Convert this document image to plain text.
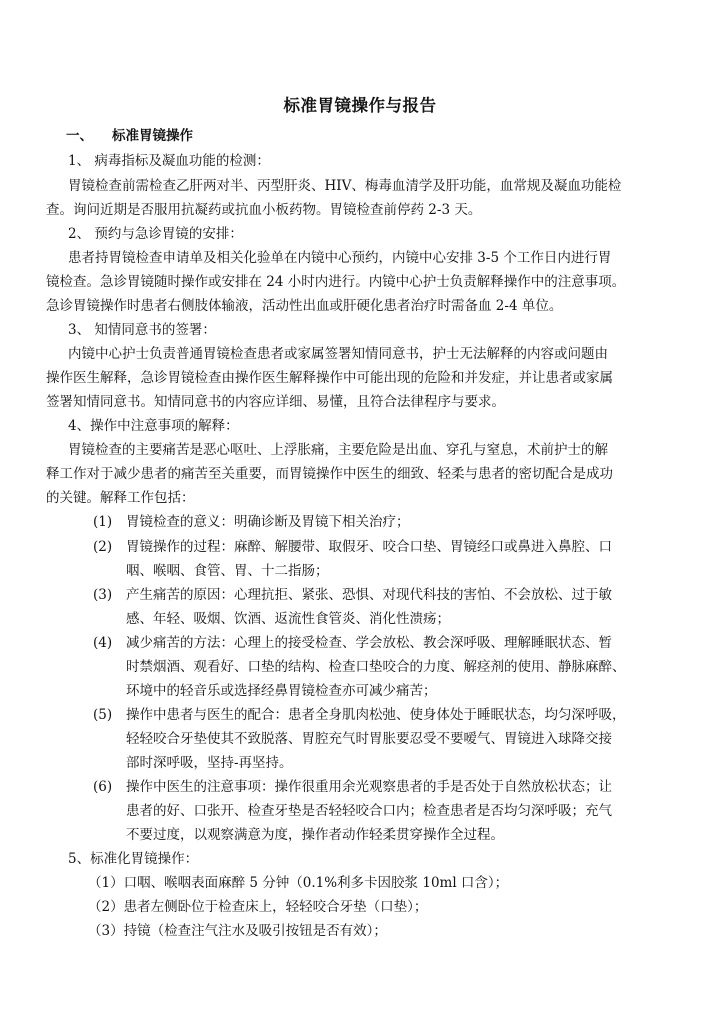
标准胃镜操作与报告
一、 标准胃镜操作
1、 病毒指标及凝血功能的检测：
胃镜检查前需检查乙肝两对半、丙型肝炎、HIV、梅毒血清学及肝功能，血常规及凝血功能检
查。询问近期是否服用抗凝药或抗血小板药物。胃镜检查前停药 2-3 天。
2、 预约与急诊胃镜的安排：
患者持胃镜检查申请单及相关化验单在内镜中心预约，内镜中心安排 3-5 个工作日内进行胃
镜检查。急诊胃镜随时操作或安排在 24 小时内进行。内镜中心护士负责解释操作中的注意事项。
急诊胃镜操作时患者右侧肢体输液，活动性出血或肝硬化患者治疗时需备血 2-4 单位。
3、 知情同意书的签署：
内镜中心护士负责普通胃镜检查患者或家属签署知情同意书，护士无法解释的内容或问题由
操作医生解释，急诊胃镜检查由操作医生解释操作中可能出现的危险和并发症，并让患者或家属
签署知情同意书。知情同意书的内容应详细、易懂，且符合法律程序与要求。
4、操作中注意事项的解释：
胃镜检查的主要痛苦是恶心呕吐、上浮胀痛，主要危险是出血、穿孔与窒息，术前护士的解
释工作对于减少患者的痛苦至关重要，而胃镜操作中医生的细致、轻柔与患者的密切配合是成功
的关键。解释工作包括：
(1) 胃镜检查的意义：明确诊断及胃镜下相关治疗；
(2) 胃镜操作的过程：麻醉、解腰带、取假牙、咬合口垫、胃镜经口或鼻进入鼻腔、口
咽、喉咽、食管、胃、十二指肠；
(3) 产生痛苦的原因：心理抗拒、紧张、恐惧、对现代科技的害怕、不会放松、过于敏
感、年轻、吸烟、饮酒、返流性食管炎、消化性溃疡；
(4) 减少痛苦的方法：心理上的接受检查、学会放松、教会深呼吸、理解睡眠状态、暂
时禁烟酒、观看好、口垫的结构、检查口垫咬合的力度、解痉剂的使用、静脉麻醉、
环境中的轻音乐或选择经鼻胃镜检查亦可减少痛苦；
(5) 操作中患者与医生的配合：患者全身肌肉松弛、使身体处于睡眠状态，均匀深呼吸，
轻轻咬合牙垫使其不致脱落、胃腔充气时胃胀要忍受不要嗳气、胃镜进入球降交接
部时深呼吸，坚持-再坚持。
(6) 操作中医生的注意事项：操作很重用余光观察患者的手是否处于自然放松状态；让
患者的好、口张开、检查牙垫是否轻轻咬合口内；检查患者是否均匀深呼吸；充气
不要过度，以观察满意为度，操作者动作轻柔贯穿操作全过程。
5、标准化胃镜操作：
（1）口咽、喉咽表面麻醉 5 分钟（0.1%利多卡因胶浆 10ml 口含）；
（2）患者左侧卧位于检查床上，轻轻咬合牙垫（口垫）；
（3）持镜（检查注气注水及吸引按钮是否有效）；
